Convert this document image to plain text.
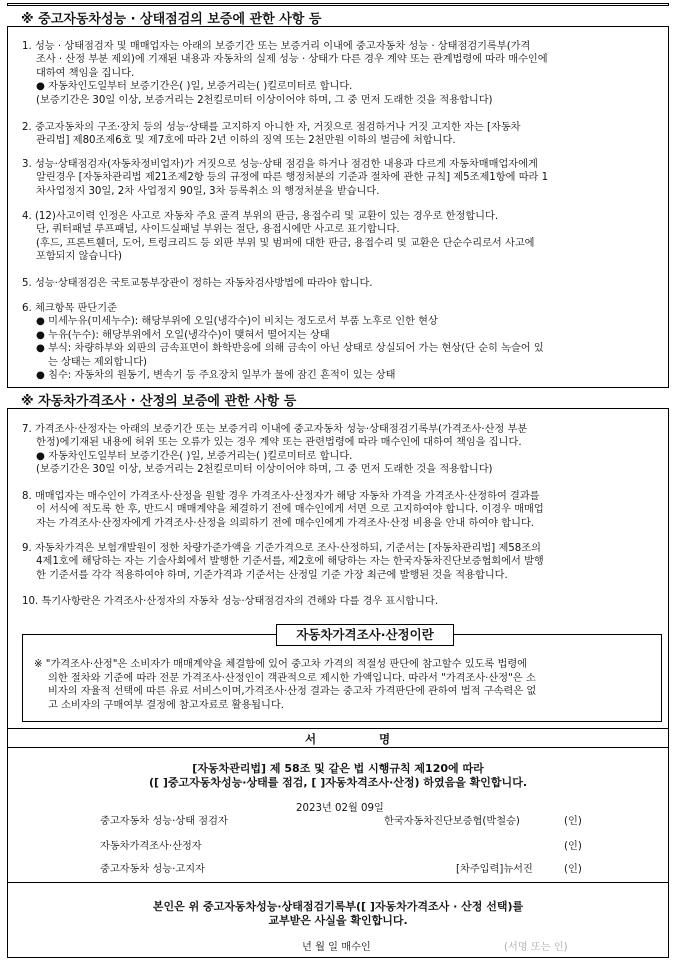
※ 중고자동차성능 · 상태점검의 보증에 관한 사항 등
1. 성능 · 상태점검자 및 매매업자는 아래의 보증기간 또는 보증거리 이내에 중고자동차 성능 · 상태점검기록부(가격
조사 · 산정 부분 제외)에 기재된 내용과 자동차의 실제 성능 · 상태가 다른 경우 계약 또는 관계법령에 따라 매수인에
대하여 책임을 집니다.
● 자동차인도일부터 보증기간은( )일, 보증거리는( )킬로미터로 합니다.
(보증기간은 30일 이상, 보증거리는 2천킬로미터 이상이어야 하며, 그 중 먼저 도래한 것을 적용합니다)
2. 중고자동차의 구조·장치 등의 성능·상태를 고지하지 아니한 자, 거짓으로 점검하거나 거짓 고지한 자는 [자동차
관리법] 제80조제6호 및 제7호에 따라 2년 이하의 징역 또는 2천만원 이하의 벌금에 처합니다.
3. 성능·상태점검자(자동차정비업자)가 거짓으로 성능·상태 점검을 하거나 점검한 내용과 다르게 자동차매매업자에게
알린경우 [자동차관리법 제21조제2항 등의 규정에 따른 행정처분의 기준과 절차에 관한 규칙] 제5조제1항에 따라 1
차사업정지 30일, 2차 사업정지 90일, 3차 등록취소 의 행정처분을 받습니다.
4. (12)사고이력 인정은 사고로 자동차 주요 골격 부위의 판금, 용접수리 및 교환이 있는 경우로 한정합니다.
단, 쿼터패널 루프패널, 사이드실패널 부위는 절단, 용접시에만 사고로 표기합니다.
(후드, 프론트휀더, 도어, 트렁크리드 등 외판 부위 및 범퍼에 대한 판금, 용접수리 및 교환은 단순수리로서 사고에
포함되지 않습니다)
5. 성능·상태점검은 국토교통부장관이 정하는 자동차검사방법에 따라야 합니다.
6. 체크항목 판단기준
● 미세누유(미세누수): 해당부위에 오일(냉각수)이 비치는 정도로서 부품 노후로 인한 현상
● 누유(누수): 해당부위에서 오일(냉각수)이 맺혀서 떨어지는 상태
● 부식: 차량하부와 외판의 금속표면이 화학반응에 의해 금속이 아닌 상태로 상실되어 가는 현상(단 순히 녹슬어 있
는 상태는 제외합니다)
● 침수: 자동차의 원동기, 변속기 등 주요장치 일부가 물에 잠긴 흔적이 있는 상태
※ 자동차가격조사 · 산정의 보증에 관한 사항 등
7. 가격조사·산정자는 아래의 보증기간 또는 보증거리 이내에 중고자동차 성능·상태점검기록부(가격조사·산정 부분
한정)에기재된 내용에 허위 또는 오류가 있는 경우 계약 또는 관련법령에 따라 매수인에 대하여 책임을 집니다.
● 자동차인도일부터 보증기간은( )일, 보증거리는( )킬로미터로 합니다.
(보증기간은 30일 이상, 보증거리는 2천킬로미터 이상이어야 하며, 그 중 먼저 도래한 것을 적용합니다)
8. 매매업자는 매수인이 가격조사·산정을 원할 경우 가격조사·산정자가 해당 자동차 가격을 가격조사·산정하여 결과를
이 서식에 적도록 한 후, 반드시 매매계약을 체결하기 전에 매수인에게 서면 으로 고지하여야 합니다. 이경우 매매업
자는 가격조사·산정자에게 가격조사·산정을 의뢰하기 전에 매수인에게 가격조사·산정 비용을 안내 하여야 합니다.
9. 자동차가격은 보험개발원이 정한 차량가준가액을 기준가격으로 조사·산정하되, 기준서는 [자동차관리법] 제58조의
4제1호에 해당하는 자는 기술사회에서 발행한 기준서를, 제2호에 해당하는 자는 한국자동차진단보증협회에서 발행
한 기준서를 각각 적용하여야 하며, 기준가격과 기준서는 산정일 기준 가장 최근에 발행된 것을 적용합니다.
10. 특기사항란은 가격조사·산정자의 자동차 성능·상태점검자의 견해와 다를 경우 표시합니다.
자동차가격조사·산정이란
※ "가격조사·산정"은 소비자가 매매계약을 체결함에 있어 중고차 가격의 적절성 판단에 참고할수 있도록 법령에
의한 절차와 기준에 따라 전문 가격조사·산정인이 객관적으로 제시한 가액입니다. 따라서 "가격조사·산정"은 소
비자의 자율적 선택에 따른 유료 서비스이며,가격조사·산정 결과는 중고차 가격판단에 관하여 법적 구속력은 없
고 소비자의 구매여부 결정에 참고자료로 활용됩니다.
서	명
[자동차관리법] 제 58조 및 같은 법 시행규칙 제120에 따라
([ ]중고자동차성능·상태를 점검, [ ]자동차격조사·산정) 하였음을 확인합니다.
2023년 02월 09일
중고자동차 성능·상태 점검자	한국자동차진단보증협(박철승)	(인)
자동차가격조사·산정자	(인)
중고자동차 성능·고지자	[차주입력]뉴서진	(인)
본인은 위 중고자동차성능·상태점검기록부([ ]자동차가격조사 · 산정 선택)를
교부받은 사실을 확인합니다.
년 월 일 매수인	(서명 또는 인)
